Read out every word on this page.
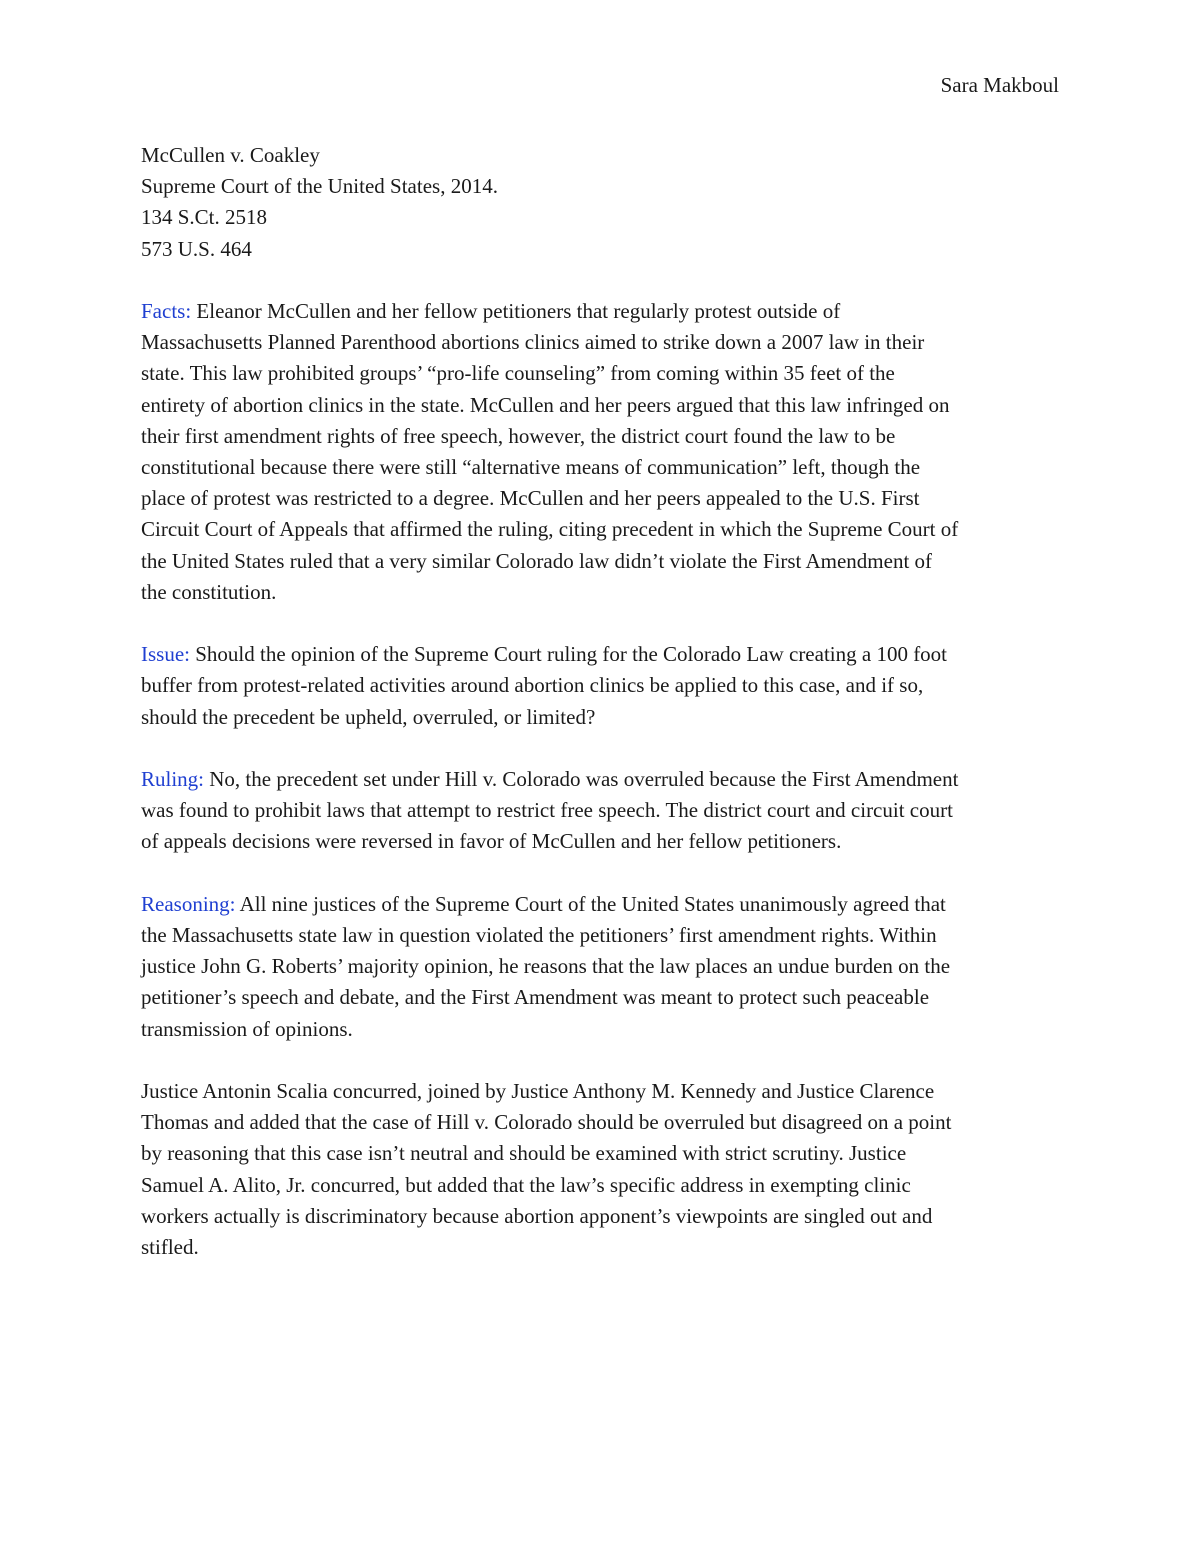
Sara Makboul
McCullen v. Coakley
Supreme Court of the United States, 2014.
134 S.Ct. 2518
573 U.S. 464
Facts: Eleanor McCullen and her fellow petitioners that regularly protest outside of
Massachusetts Planned Parenthood abortions clinics aimed to strike down a 2007 law in their
state. This law prohibited groups’ “pro-life counseling” from coming within 35 feet of the
entirety of abortion clinics in the state. McCullen and her peers argued that this law infringed on
their first amendment rights of free speech, however, the district court found the law to be
constitutional because there were still “alternative means of communication” left, though the
place of protest was restricted to a degree. McCullen and her peers appealed to the U.S. First
Circuit Court of Appeals that affirmed the ruling, citing precedent in which the Supreme Court of
the United States ruled that a very similar Colorado law didn’t violate the First Amendment of
the constitution.
Issue: Should the opinion of the Supreme Court ruling for the Colorado Law creating a 100 foot
buffer from protest-related activities around abortion clinics be applied to this case, and if so,
should the precedent be upheld, overruled, or limited?
Ruling: No, the precedent set under Hill v. Colorado was overruled because the First Amendment
was found to prohibit laws that attempt to restrict free speech. The district court and circuit court
of appeals decisions were reversed in favor of McCullen and her fellow petitioners.
Reasoning: All nine justices of the Supreme Court of the United States unanimously agreed that
the Massachusetts state law in question violated the petitioners’ first amendment rights. Within
justice John G. Roberts’ majority opinion, he reasons that the law places an undue burden on the
petitioner’s speech and debate, and the First Amendment was meant to protect such peaceable
transmission of opinions.
Justice Antonin Scalia concurred, joined by Justice Anthony M. Kennedy and Justice Clarence
Thomas and added that the case of Hill v. Colorado should be overruled but disagreed on a point
by reasoning that this case isn’t neutral and should be examined with strict scrutiny. Justice
Samuel A. Alito, Jr. concurred, but added that the law’s specific address in exempting clinic
workers actually is discriminatory because abortion apponent’s viewpoints are singled out and
stifled.
